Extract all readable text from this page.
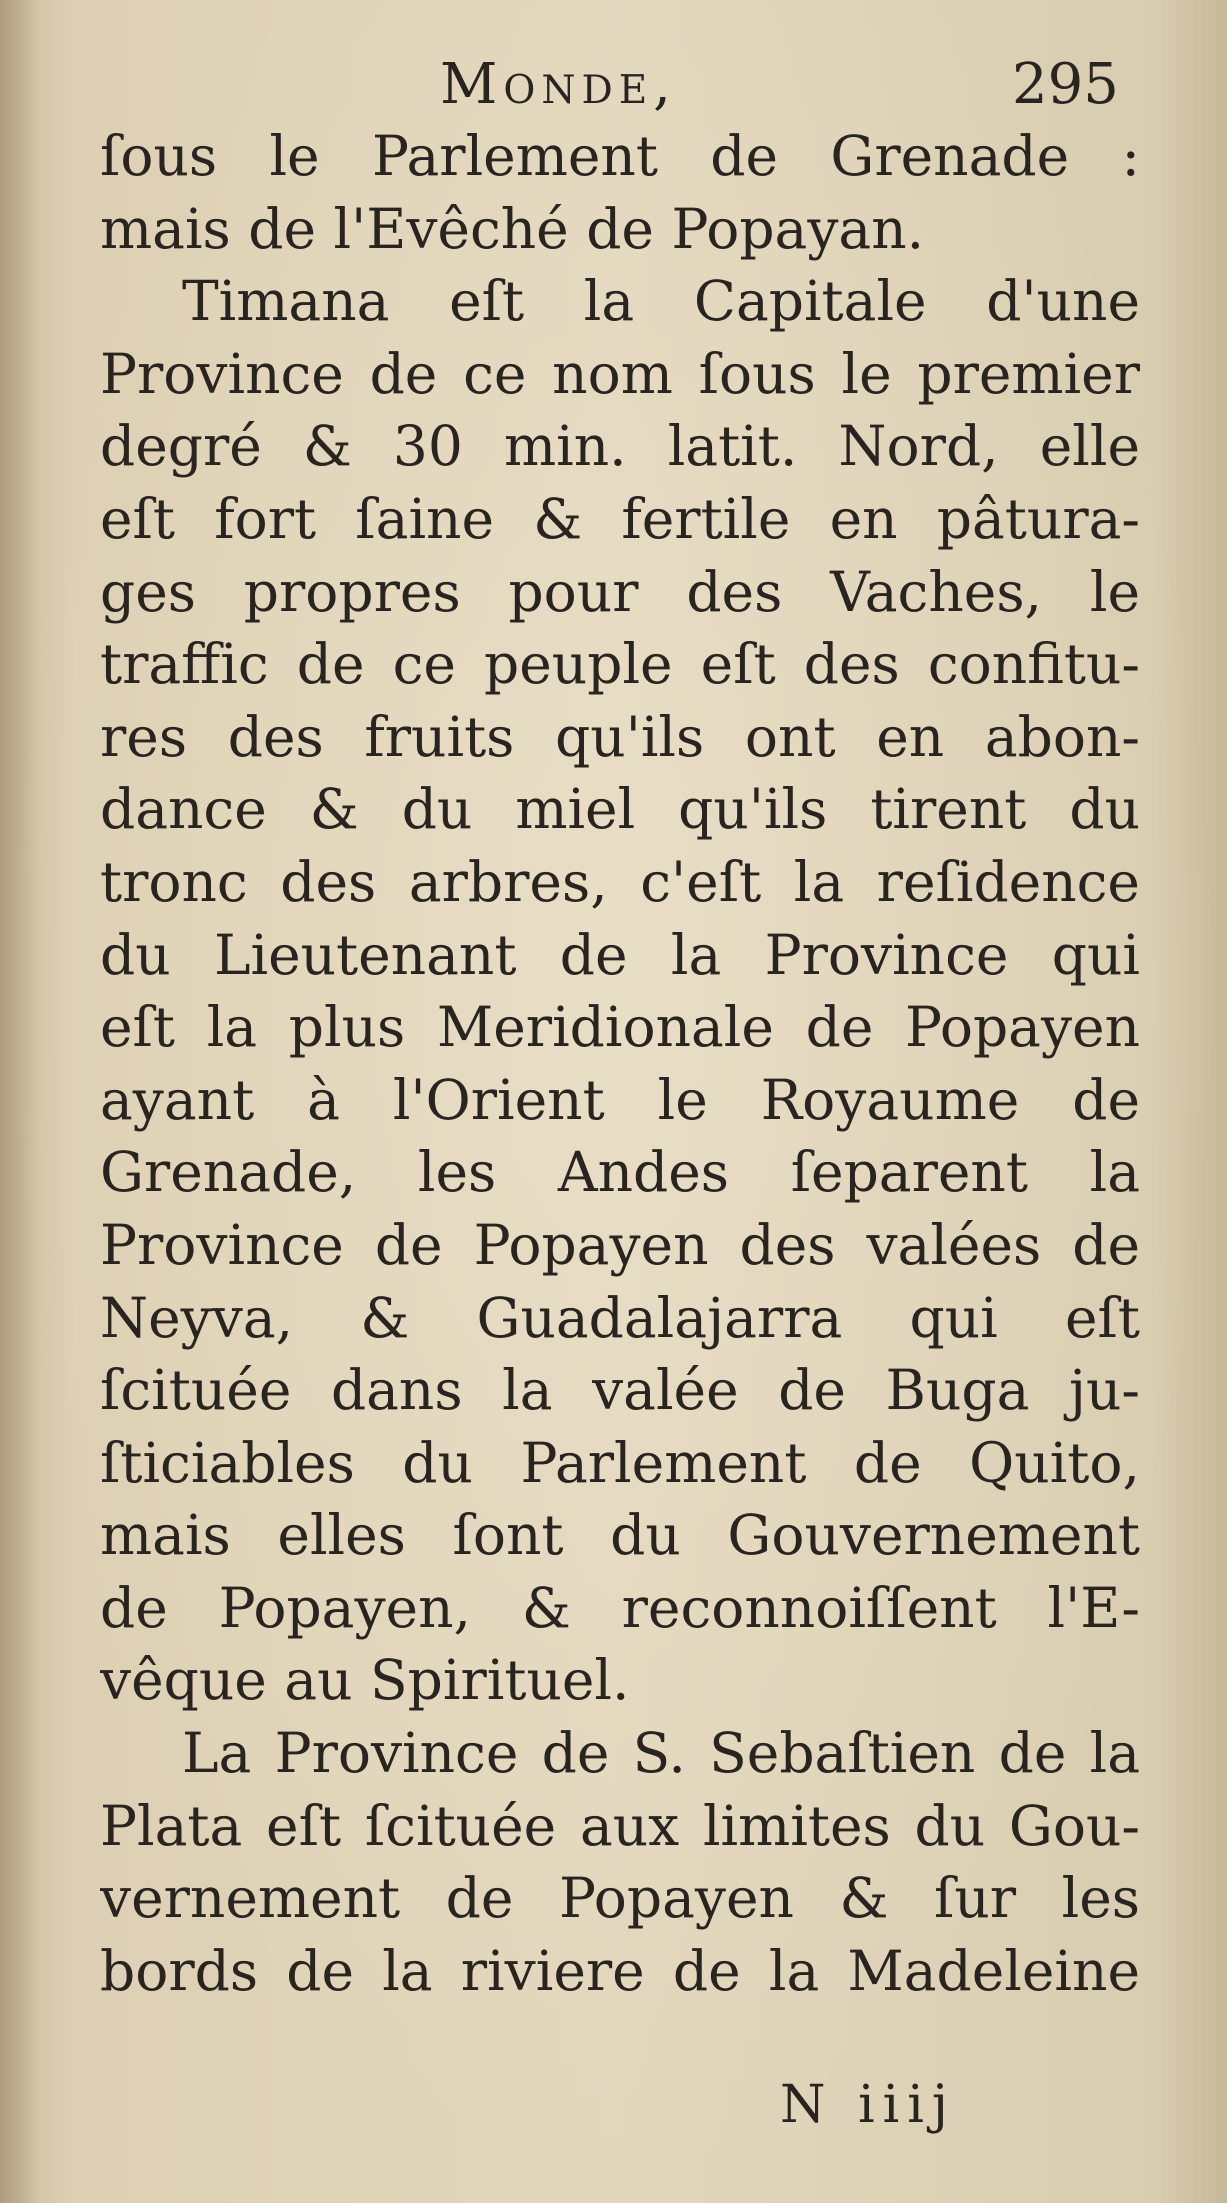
Monde,	295
ſous le Parlement de Grenade :
mais de l'Evêché de Popayan.
Timana eſt la Capitale d'une
Province de ce nom ſous le premier
degré & 30 min. latit. Nord, elle
eſt fort ſaine & fertile en pâtura-
ges propres pour des Vaches, le
traffic de ce peuple eſt des confitu-
res des fruits qu'ils ont en abon-
dance & du miel qu'ils tirent du
tronc des arbres, c'eſt la reſidence
du Lieutenant de la Province qui
eſt la plus Meridionale de Popayen
ayant à l'Orient le Royaume de
Grenade, les Andes ſeparent la
Province de Popayen des valées de
Neyva, & Guadalajarra qui eſt
ſcituée dans la valée de Buga ju-
ſticiables du Parlement de Quito,
mais elles ſont du Gouvernement
de Popayen, & reconnoiſſent l'E-
vêque au Spirituel.
La Province de S. Sebaſtien de la
Plata eſt ſcituée aux limites du Gou-
vernement de Popayen & ſur les
bords de la riviere de la Madeleine
N iiij
